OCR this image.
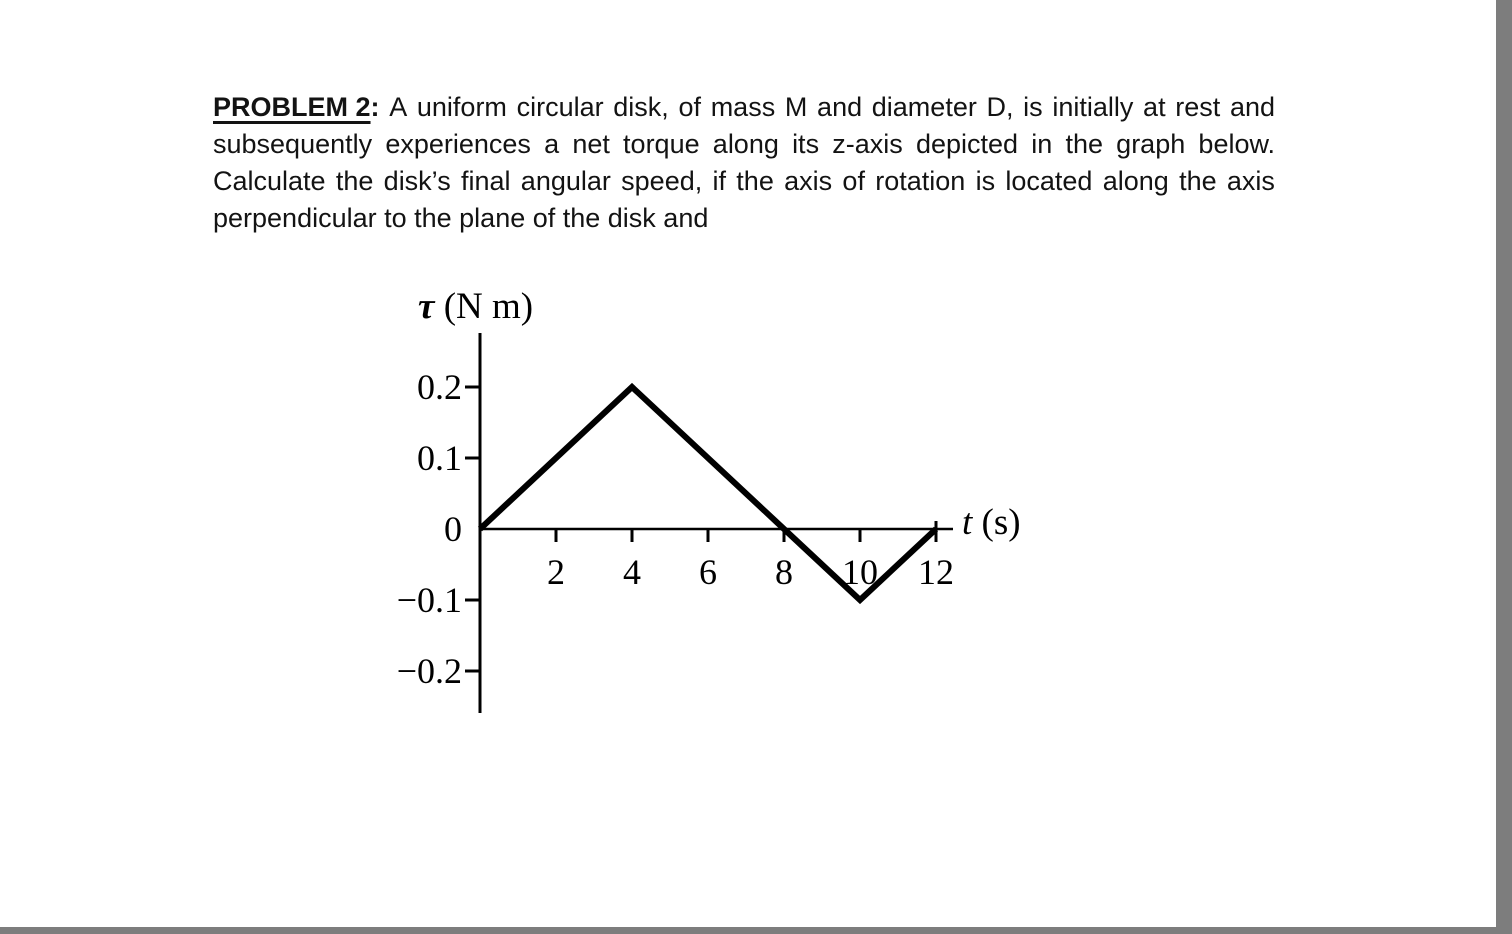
PROBLEM 2: A uniform circular disk, of mass M and diameter D, is initially at rest and
subsequently experiences a net torque along its z-axis depicted in the graph below.
Calculate the disk’s final angular speed, if the axis of rotation is located along the axis
perpendicular to the plane of the disk and
2 4 6 8 10 12
0.2
0.1
0
−0.1
−0.2
τ (N m)
t (s)
